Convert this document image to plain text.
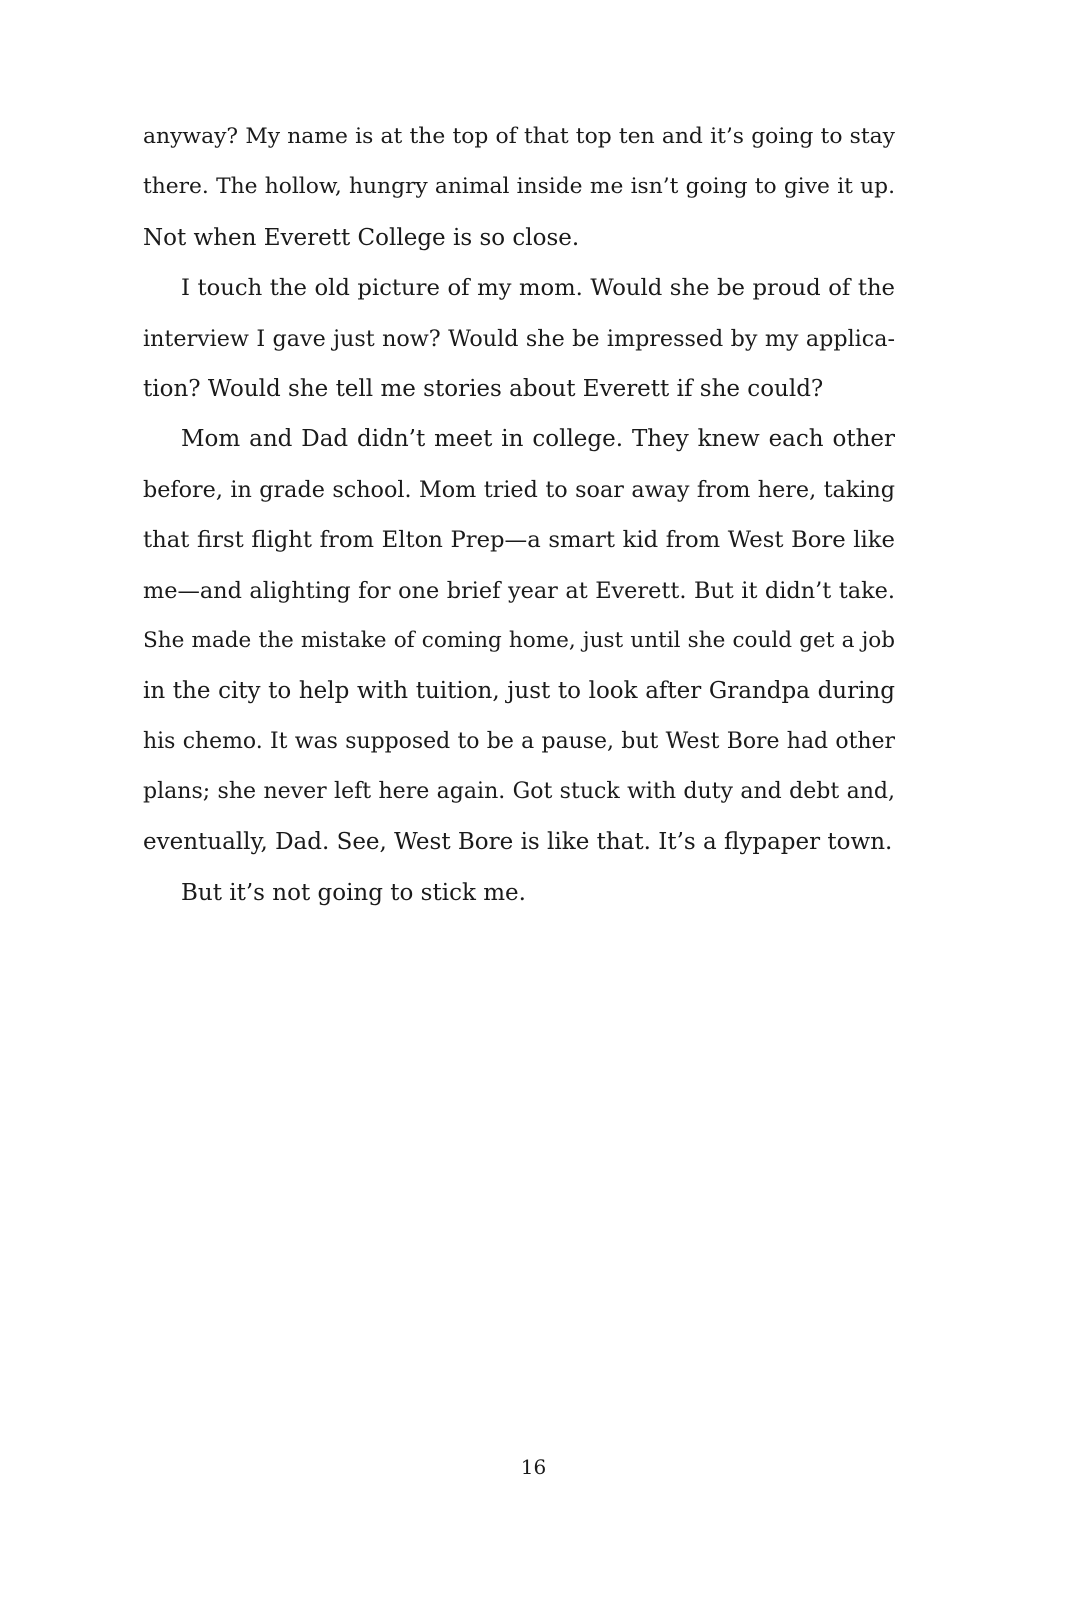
anyway? My name is at the top of that top ten and it’s going to stay
there. The hollow, hungry animal inside me isn’t going to give it up.
Not when Everett College is so close.
I touch the old picture of my mom. Would she be proud of the
interview I gave just now? Would she be impressed by my applica-
tion? Would she tell me stories about Everett if she could?
Mom and Dad didn’t meet in college. They knew each other
before, in grade school. Mom tried to soar away from here, taking
that first flight from Elton Prep—a smart kid from West Bore like
me—and alighting for one brief year at Everett. But it didn’t take.
She made the mistake of coming home, just until she could get a job
in the city to help with tuition, just to look after Grandpa during
his chemo. It was supposed to be a pause, but West Bore had other
plans; she never left here again. Got stuck with duty and debt and,
eventually, Dad. See, West Bore is like that. It’s a flypaper town.
But it’s not going to stick me.
16
